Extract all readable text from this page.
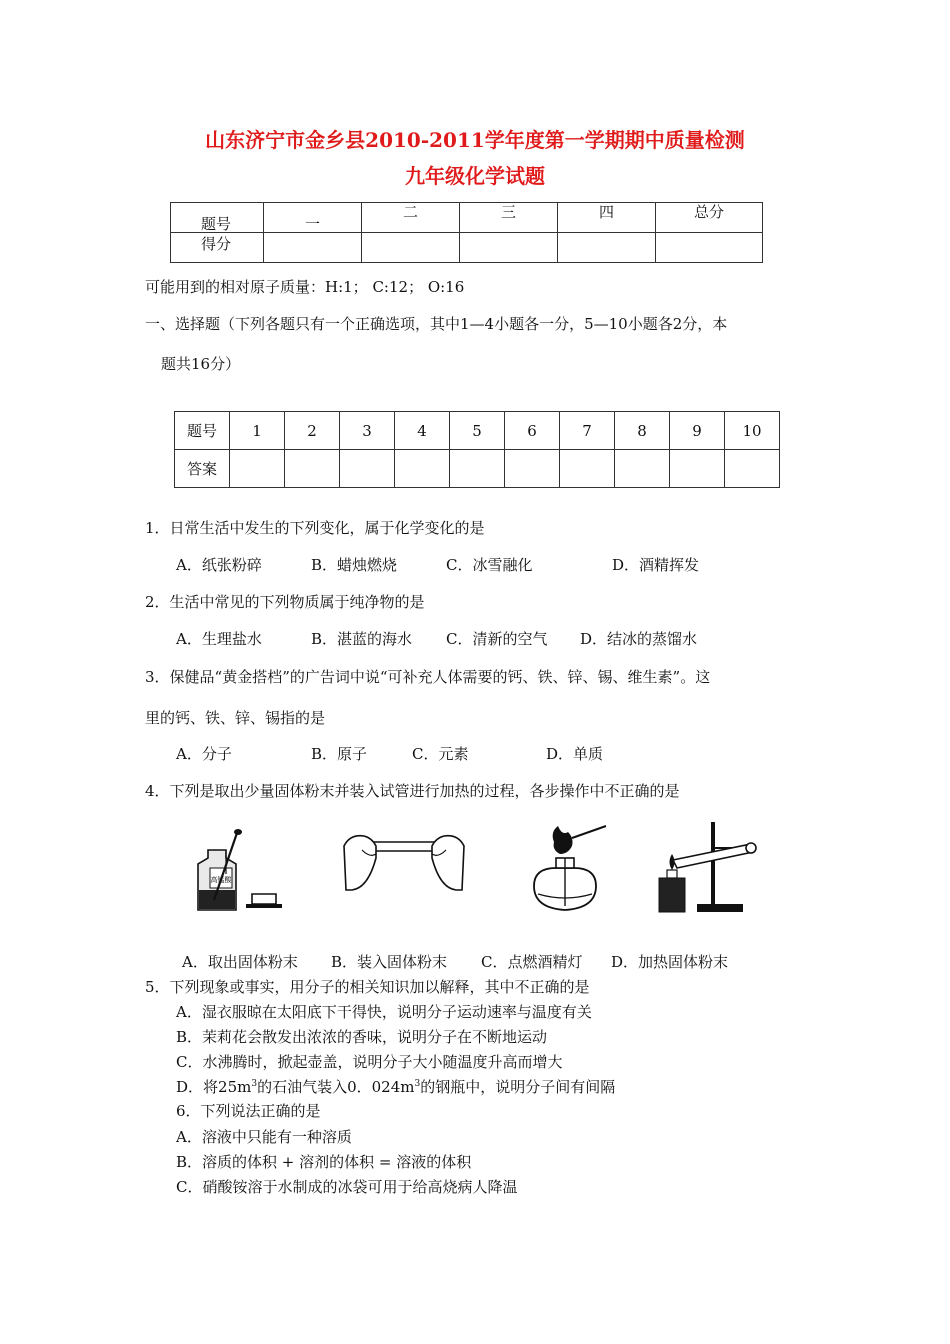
山东济宁市金乡县2010-2011学年度第一学期期中质量检测
九年级化学试题
题号	一	二	三	四	总分

得分					

可能用到的相对原子质量：H:1； C:12； O:16
一、选择题（下列各题只有一个正确选项，其中1—4小题各一分，5—10小题各2分，本
题共16分）
题号	1	2	3	4	5	6	7	8	9	10
答案										
1．日常生活中发生的下列变化，属于化学变化的是
A．纸张粉碎	B．蜡烛燃烧	C．冰雪融化	D．酒精挥发
2．生活中常见的下列物质属于纯净物的是
A．生理盐水	B．湛蓝的海水 C．清新的空气 D．结冰的蒸馏水
3．保健品“黄金搭档”的广告词中说“可补充人体需要的钙、铁、锌、锡、维生素”。这
里的钙、铁、锌、锡指的是
A．分子	B．原子	C．元素	D．单质
4．下列是取出少量固体粉末并装入试管进行加热的过程，各步操作中不正确的是
高锰酸
A．取出固体粉末 B．装入固体粉末 C．点燃酒精灯 D．加热固体粉末
5．下列现象或事实，用分子的相关知识加以解释，其中不正确的是
A．湿衣服晾在太阳底下干得快，说明分子运动速率与温度有关
B．茉莉花会散发出浓浓的香味，说明分子在不断地运动
C．水沸腾时，掀起壶盖，说明分子大小随温度升高而增大
D．将$25m^3$的石油气装入0．$024m^3$的钢瓶中，说明分子间有间隔
6．下列说法正确的是
A．溶液中只能有一种溶质
B．溶质的体积 + 溶剂的体积 = 溶液的体积
C．硝酸铵溶于水制成的冰袋可用于给高烧病人降温
